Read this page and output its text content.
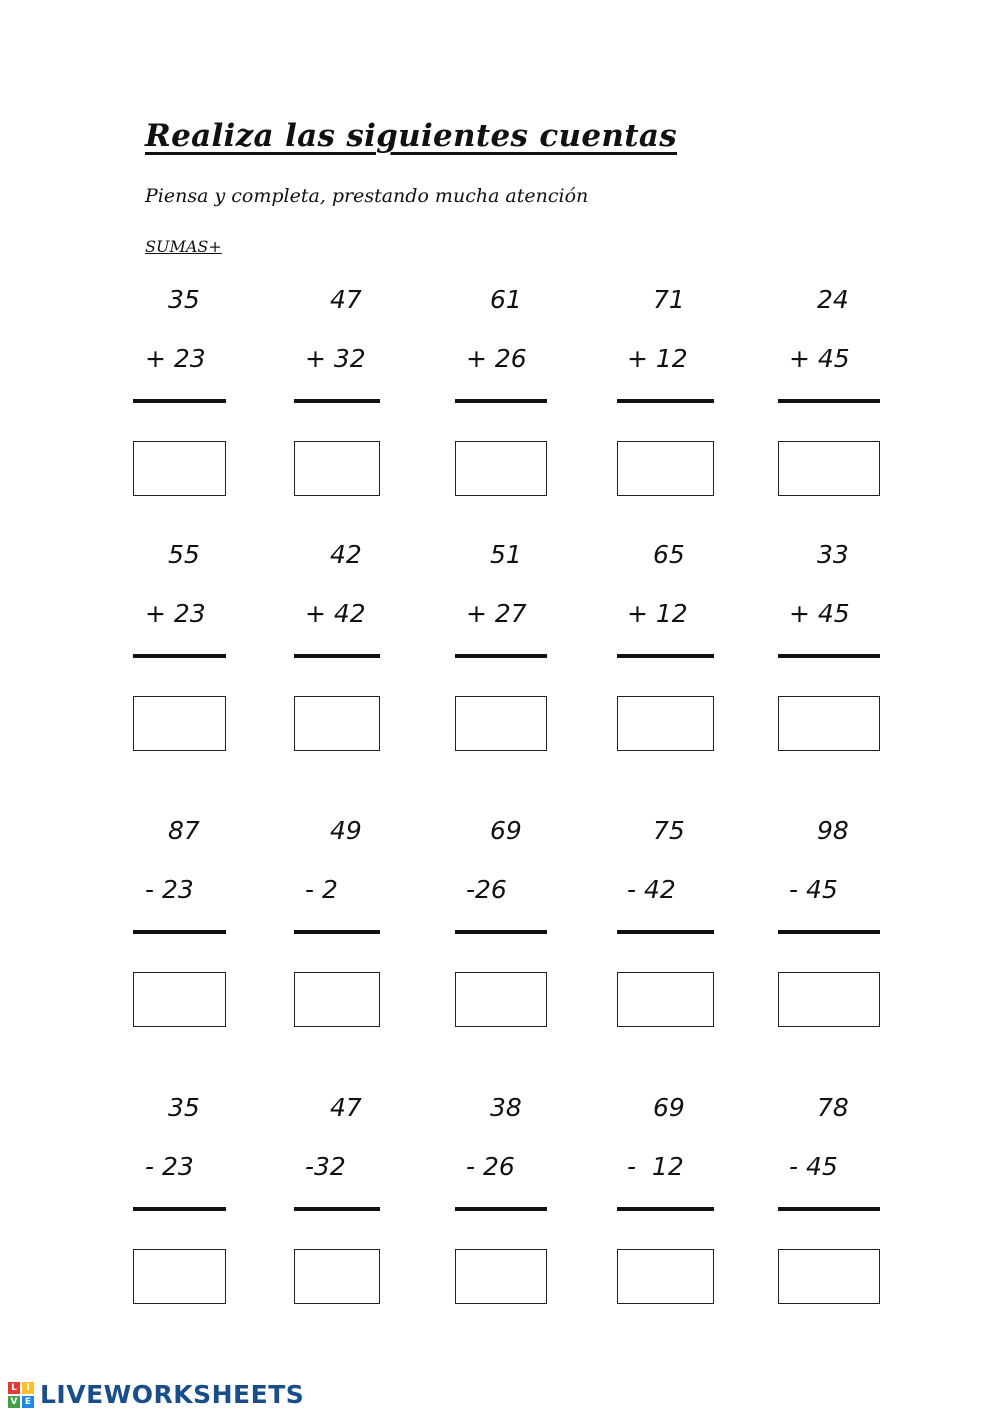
Realiza las siguientes cuentas
Piensa y completa, prestando mucha atención
SUMAS+
35
+ 23
47
+ 32
61
+ 26
71
+ 12
24
+ 45
55
+ 23
42
+ 42
51
+ 27
65
+ 12
33
+ 45
87
- 23
49
- 2
69
-26
75
- 42
98
- 45
35
- 23
47
-32
38
- 26
69
-  12
78
- 45
L	I
V E LIVEWORKSHEETS
